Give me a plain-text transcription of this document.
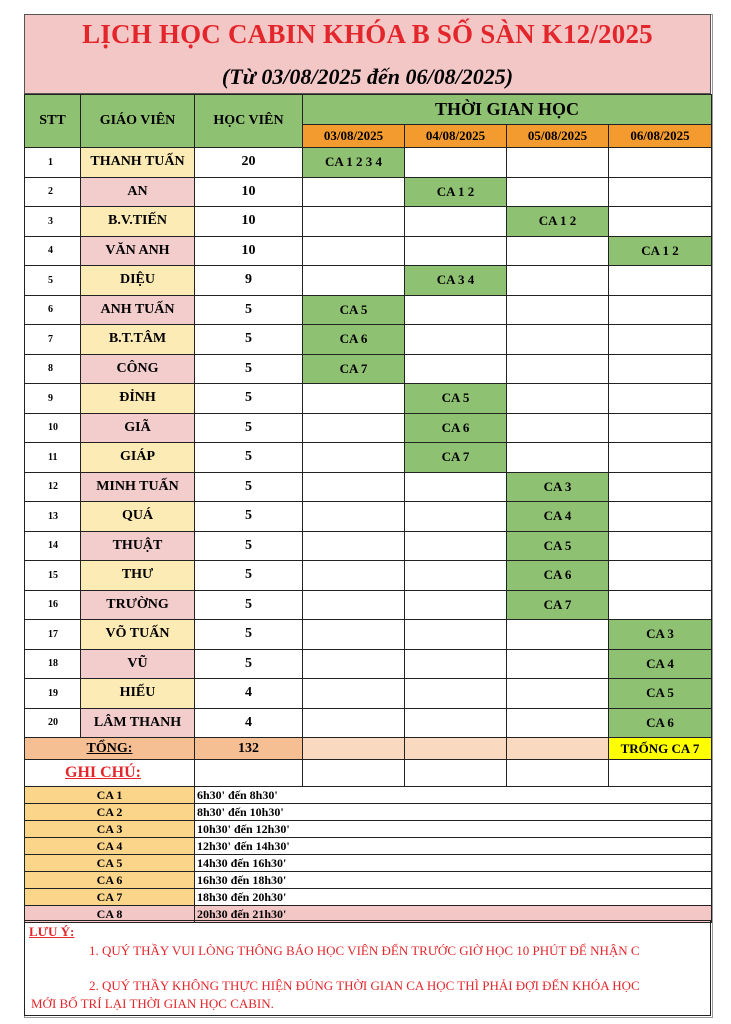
LỊCH HỌC CABIN KHÓA B SỐ SÀN K12/2025
(Từ 03/08/2025 đến 06/08/2025)
STT	GIÁO VIÊN	HỌC VIÊN	THỜI GIAN HỌC			
			03/08/2025	04/08/2025	05/08/2025	06/08/2025
1	THANH TUẤN	20	CA 1 2 3 4			
2	AN	10		CA 1 2		
3	B.V.TIẾN	10			CA 1 2	
4	VĂN ANH	10				CA 1 2
5	DIỆU	9		CA 3 4		
6	ANH TUẤN	5	CA 5			
7	B.T.TÂM	5	CA 6			
8	CÔNG	5	CA 7			
9	ĐỈNH	5		CA 5		
10	GIÃ	5		CA 6		
11	GIÁP	5		CA 7		
12	MINH TUẤN	5			CA 3	
13	QUÁ	5			CA 4	
14	THUẬT	5			CA 5	
15	THƯ	5			CA 6	
16	TRƯỜNG	5			CA 7	
17	VÕ TUẤN	5				CA 3
18	VŨ	5				CA 4
19	HIẾU	4				CA 5
20	LÂM THANH	4				CA 6
TỔNG:		132				TRỐNG CA 7
GHI CHÚ:						
CA 1	6h30' đến 8h30'
CA 2	8h30' đến 10h30'
CA 3	10h30' đến 12h30'
CA 4	12h30' đến 14h30'
CA 5	14h30 đến 16h30'
CA 6	16h30 đến 18h30'
CA 7	18h30 đến 20h30'
CA 8	20h30 đến 21h30'
LƯU Ý:
1. QUÝ THẦY VUI LÒNG THÔNG BÁO HỌC VIÊN ĐẾN TRƯỚC GIỜ HỌC 10 PHÚT ĐỂ NHẬN C
2. QUÝ THẦY KHÔNG THỰC HIỆN ĐÚNG THỜI GIAN CA HỌC THÌ PHẢI ĐỢI ĐẾN KHÓA HỌC
MỚI BỐ TRÍ LẠI THỜI GIAN HỌC CABIN.
